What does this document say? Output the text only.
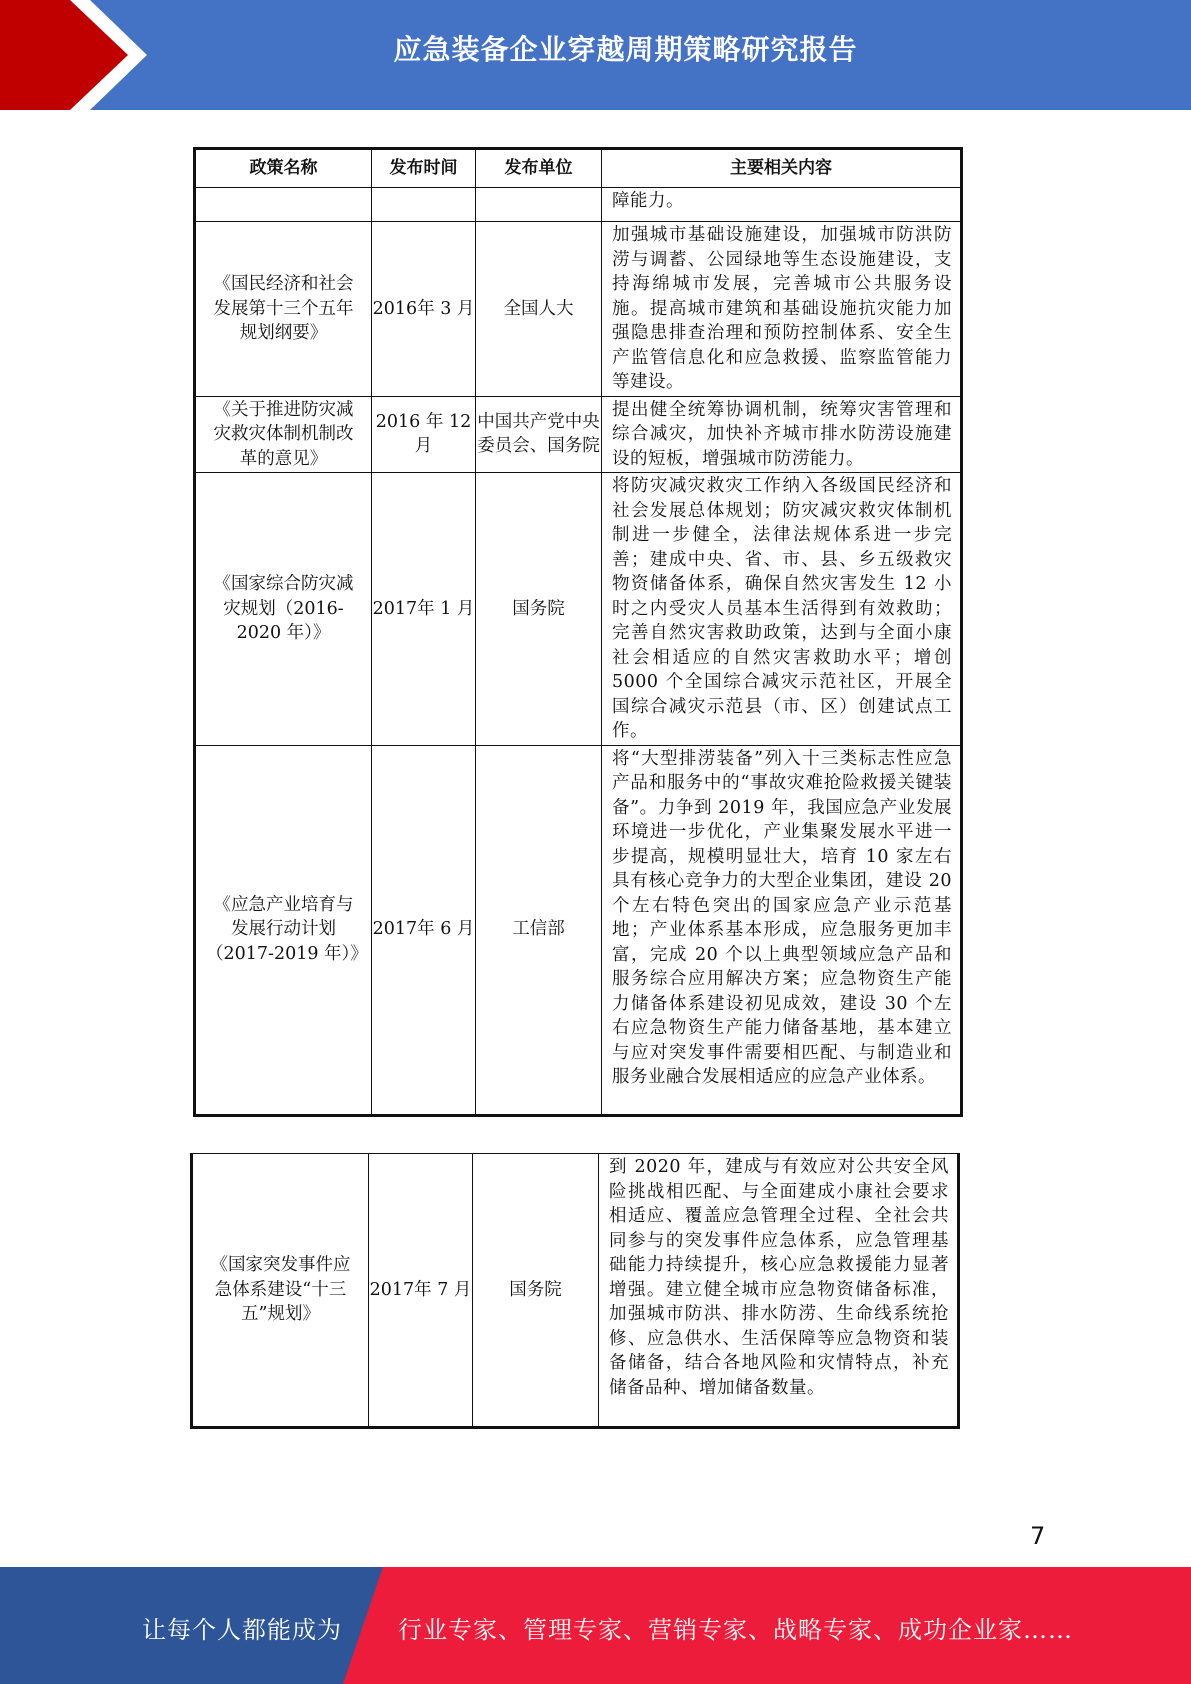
应急装备企业穿越周期策略研究报告
政策名称	发布时间	发布单位	主要相关内容
			障能力。
《国民经济和社会发展第十三个五年规划纲要》	2016年 3 月	全国人大	加强城市基础设施建设，加强城市防洪防涝与调蓄、公园绿地等生态设施建设，支持海绵城市发展，完善城市公共服务设施。提高城市建筑和基础设施抗灾能力加强隐患排查治理和预防控制体系、安全生产监管信息化和应急救援、监察监管能力等建设。
《关于推进防灾减灾救灾体制机制改革的意见》	2016 年 12 月	中国共产党中央委员会、国务院	提出健全统筹协调机制，统筹灾害管理和综合减灾，加快补齐城市排水防涝设施建设的短板，增强城市防涝能力。
《国家综合防灾减灾规划（2016-2020 年）》	2017年 1 月	国务院	将防灾减灾救灾工作纳入各级国民经济和社会发展总体规划；防灾减灾救灾体制机制进一步健全，法律法规体系进一步完善；建成中央、省、市、县、乡五级救灾物资储备体系，确保自然灾害发生 12 小时之内受灾人员基本生活得到有效救助；完善自然灾害救助政策，达到与全面小康社会相适应的自然灾害救助水平；增创 5000 个全国综合减灾示范社区，开展全国综合减灾示范县（市、区）创建试点工作。
《应急产业培育与发展行动计划（2017-2019 年）》	2017年 6 月	工信部	将“大型排涝装备”列入十三类标志性应急产品和服务中的“事故灾难抢险救援关键装备”。力争到 2019 年，我国应急产业发展环境进一步优化，产业集聚发展水平进一步提高，规模明显壮大，培育 10 家左右具有核心竞争力的大型企业集团，建设 20 个左右特色突出的国家应急产业示范基地；产业体系基本形成，应急服务更加丰富，完成 20 个以上典型领域应急产品和服务综合应用解决方案；应急物资生产能力储备体系建设初见成效，建设 30 个左右应急物资生产能力储备基地，基本建立与应对突发事件需要相匹配、与制造业和服务业融合发展相适应的应急产业体系。
《国家突发事件应急体系建设“十三五”规划》	2017年 7 月	国务院	到 2020 年，建成与有效应对公共安全风险挑战相匹配、与全面建成小康社会要求相适应、覆盖应急管理全过程、全社会共同参与的突发事件应急体系，应急管理基础能力持续提升，核心应急救援能力显著增强。建立健全城市应急物资储备标准，加强城市防洪、排水防涝、生命线系统抢修、应急供水、生活保障等应急物资和装备储备，结合各地风险和灾情特点，补充储备品种、增加储备数量。
7
让每个人都能成为 行业专家、管理专家、营销专家、战略专家、成功企业家……
